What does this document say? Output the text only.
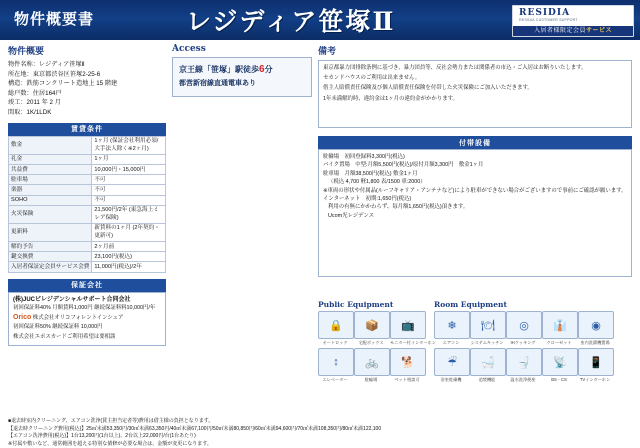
物件概要書	レジディア笹塚Ⅱ	RESIDIA
RESIDIA CUSTOMER SUPPORT
入居者様限定会員サービス
物件概要
物件名称：レジディア笹塚Ⅱ
所在地：東京都渋谷区笹塚2-25-6
構造：鉄筋コンクリート造地上 15 階建
総戸数：住居164戸
竣工：2011 年 2 月
間取：1K/1LDK
賃貸条件
敷金	1ヶ月 (保証会社利用必須/大手法人除く※2ヶ月)
礼金	1ヶ月
共益費	10,000円・15,000円
駐車場	不可
楽器	不可
SOHO	不可
火災保険	21,500円/2年 (東急海上ミレア保険)
更新料	新賃料の1ヶ月 (2年契約・更新可)
解約予告	2ヶ月前
鍵交換費	23,100円(税込)
入居者保証定会員サービス会費	11,000円(税込)/2年
保証会社
(株)JUCビレジデンシャルサポート合同会社
初回保証料40% 月額賃料1,000円 継続保証料料10,000円/年
Orico 株式会社オリコフォレントインシュア
初回保証料50% 継続保証料 10,000円
株式会社エポスカードご利用希望は要相談
Access
京王線「笹塚」駅徒歩6分
都営新宿線直通電車あり
備考

東京都暴力団排除条例に基づき、暴力団員等、反社会勢力または関係者の市込・ご入居はお断りいたします。

セカンドハウスのご利用は出来ません。

借主人賠償責任保険及び個人賠償責任保険を付帯した火災保険にご加入いただきます。

1年未満解約時、違約金は1ヶ月の違約金がかかります。

付帯設備

駐輪場　初回登録料3,300円(税込)

バイク置場　中型:月額5,500円(税込)/原付月額3,300円　敷金1ヶ月

駐車場　月額38,500円(税込) 敷金1ヶ月

（税込 4,700 軽1,800 表/1500 車:2000）

※車両の形状や付属品(ルーフキャリア・アンテナなど)により駐車ができない場合がございますので事前にご確認が願います。

インターネット　初期:1,650円(税込)

利用の有無にかかわらず、毎月額1,650円(税込)頂きます。

Ucom光レジデンス

Public Equipment
🔒
オートロック
📦
宅配ボックス
📺
モニター付インターホン
↕
エレベーター
🚲
駐輪場
🐕
ペット相談可
Room Equipment
❄
エアコン
🍽
システムキッチン
◎
IHクッキング
👔
クローゼット
◉
室内洗濯機置場
☔
浴室乾燥機
🛁
追焚機能
🚽
温水洗浄便座
📡
BS・CS
📱
TVインターホン

■退去時室内クリーニング、エアコン洗浄(賃主担当定者等)費用は借主様の負担となります。

【退去時クリーニング費用(税込)】25㎡未満53,350円/30㎡未満63,350円/40㎡未満67,100円/50㎡未満80,850円/60㎡未満94,600円/70㎡未満108,350円/80㎡未満122,100

【エアコン洗浄費用(税込)】1台13,200円(1台以上)、2台以上22,000円/台(1台あたり)

※付属や敷いなど、通常範囲を超える特別な債修が必要な場合は、金額が変更になります。
